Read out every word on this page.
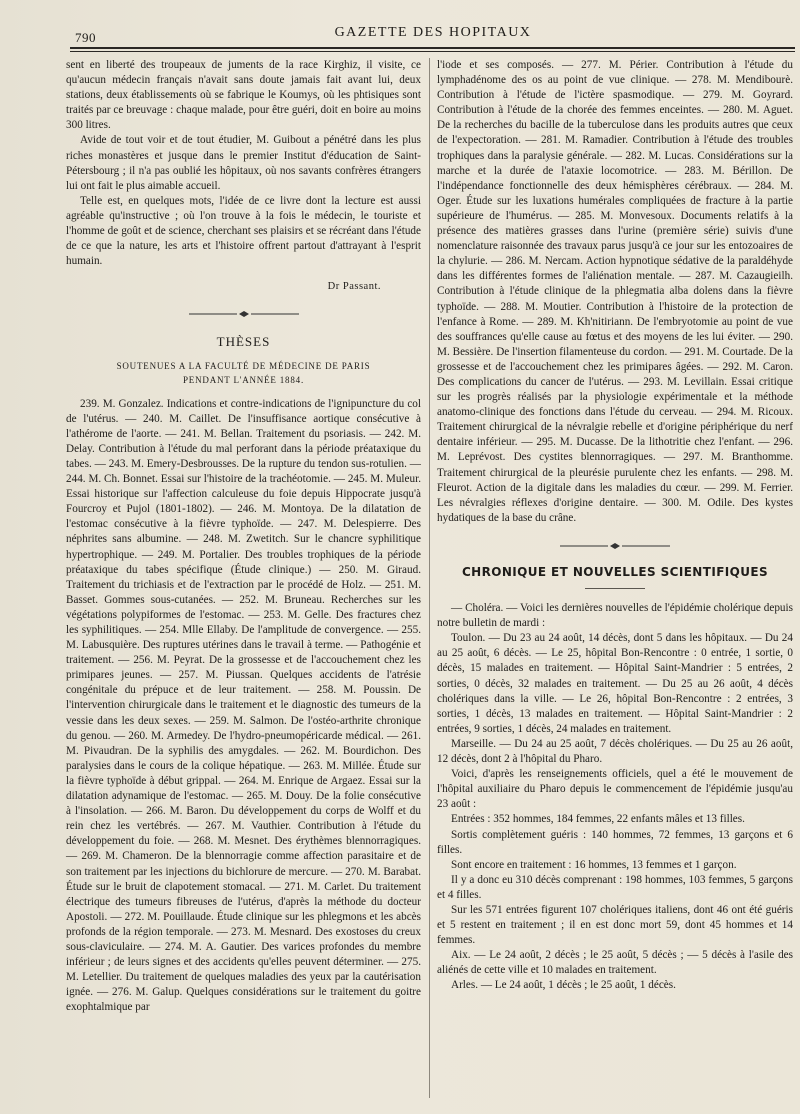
790	GAZETTE DES HOPITAUX

sent en liberté des troupeaux de juments de la race Kirghiz, il visite, ce qu'aucun médecin français n'avait sans doute jamais fait avant lui, deux stations, deux établissements où se fabrique le Koumys, où les phtisiques sont traités par ce breuvage : chaque malade, pour être guéri, doit en boire au moins 300 litres.

Avide de tout voir et de tout étudier, M. Guibout a pénétré dans les plus riches monastères et jusque dans le premier Institut d'éducation de Saint-Pétersbourg ; il n'a pas oublié les hôpitaux, où nos savants confrères étrangers lui ont fait le plus aimable accueil.

Telle est, en quelques mots, l'idée de ce livre dont la lecture est aussi agréable qu'instructive ; où l'on trouve à la fois le médecin, le touriste et l'homme de goût et de science, cherchant ses plaisirs et se récréant dans l'étude de ce que la nature, les arts et l'histoire offrent partout d'attrayant à l'esprit humain.

Dr Passant.
THÈSES
SOUTENUES A LA FACULTÉ DE MÉDECINE DE PARIS
PENDANT L'ANNÉE 1884.

239. M. Gonzalez. Indications et contre-indications de l'ignipuncture du col de l'utérus. — 240. M. Caillet. De l'insuffisance aortique consécutive à l'athérome de l'aorte. — 241. M. Bellan. Traitement du psoriasis. — 242. M. Delay. Contribution à l'étude du mal perforant dans la période préataxique du tabes. — 243. M. Emery-Desbrousses. De la rupture du tendon sus-rotulien. — 244. M. Ch. Bonnet. Essai sur l'histoire de la trachéotomie. — 245. M. Muleur. Essai historique sur l'affection calculeuse du foie depuis Hippocrate jusqu'à Fourcroy et Pujol (1801-1802). — 246. M. Montoya. De la dilatation de l'estomac consécutive à la fièvre typhoïde. — 247. M. Delespierre. Des néphrites sans albumine. — 248. M. Zwetitch. Sur le chancre syphilitique hypertrophique. — 249. M. Portalier. Des troubles trophiques de la période préataxique du tabes spécifique (Étude clinique.) — 250. M. Giraud. Traitement du trichiasis et de l'extraction par le procédé de Holz. — 251. M. Basset. Gommes sous-cutanées. — 252. M. Bruneau. Recherches sur les végétations polypiformes de l'estomac. — 253. M. Gelle. Des fractures chez les syphilitiques. — 254. Mlle Ellaby. De l'amplitude de convergence. — 255. M. Labusquière. Des ruptures utérines dans le travail à terme. — Pathogénie et traitement. — 256. M. Peyrat. De la grossesse et de l'accouchement chez les primipares jeunes. — 257. M. Piussan. Quelques accidents de l'atrésie congénitale du prépuce et de leur traitement. — 258. M. Poussin. De l'intervention chirurgicale dans le traitement et le diagnostic des tumeurs de la vessie dans les deux sexes. — 259. M. Salmon. De l'ostéo-arthrite chronique du genou. — 260. M. Armedey. De l'hydro-pneumopéricarde médical. — 261. M. Pivaudran. De la syphilis des amygdales. — 262. M. Bourdichon. Des paralysies dans le cours de la colique hépatique. — 263. M. Millée. Étude sur la fièvre typhoïde à début grippal. — 264. M. Enrique de Argaez. Essai sur la dilatation adynamique de l'estomac. — 265. M. Douy. De la folie consécutive à l'insolation. — 266. M. Baron. Du développement du corps de Wolff et du rein chez les vertébrés. — 267. M. Vauthier. Contribution à l'étude du développement du foie. — 268. M. Mesnet. Des érythèmes blennorragiques. — 269. M. Chameron. De la blennorragie comme affection parasitaire et de son traitement par les injections du bichlorure de mercure. — 270. M. Barabat. Étude sur le bruit de clapotement stomacal. — 271. M. Carlet. Du traitement électrique des tumeurs fibreuses de l'utérus, d'après la méthode du docteur Apostoli. — 272. M. Pouillaude. Étude clinique sur les phlegmons et les abcès profonds de la région temporale. — 273. M. Mesnard. Des exostoses du creux sous-claviculaire. — 274. M. A. Gautier. Des varices profondes du membre inférieur ; de leurs signes et des accidents qu'elles peuvent déterminer. — 275. M. Letellier. Du traitement de quelques maladies des yeux par la cautérisation ignée. — 276. M. Galup. Quelques considérations sur le traitement du goitre exophtalmique par

l'iode et ses composés. — 277. M. Périer. Contribution à l'étude du lymphadénome des os au point de vue clinique. — 278. M. Mendibourè. Contribution à l'étude de l'ictère spasmodique. — 279. M. Goyrard. Contribution à l'étude de la chorée des femmes enceintes. — 280. M. Aguet. De la recherches du bacille de la tuberculose dans les produits autres que ceux de l'expectoration. — 281. M. Ramadier. Contribution à l'étude des troubles trophiques dans la paralysie générale. — 282. M. Lucas. Considérations sur la marche et la durée de l'ataxie locomotrice. — 283. M. Bérillon. De l'indépendance fonctionnelle des deux hémisphères cérébraux. — 284. M. Oger. Étude sur les luxations humérales compliquées de fracture à la partie supérieure de l'humérus. — 285. M. Monvesoux. Documents relatifs à la présence des matières grasses dans l'urine (première série) suivis d'une nomenclature raisonnée des travaux parus jusqu'à ce jour sur les entozoaires de la chylurie. — 286. M. Nercam. Action hypnotique sédative de la paraldéhyde dans les différentes formes de l'aliénation mentale. — 287. M. Cazaugieilh. Contribution à l'étude clinique de la phlegmatia alba dolens dans la fièvre typhoïde. — 288. M. Moutier. Contribution à l'histoire de la protection de l'enfance à Rome. — 289. M. Kh'nitiriann. De l'embryotomie au point de vue des souffrances qu'elle cause au fœtus et des moyens de les lui éviter. — 290. M. Bessière. De l'insertion filamenteuse du cordon. — 291. M. Courtade. De la grossesse et de l'accouchement chez les primipares âgées. — 292. M. Caron. Des complications du cancer de l'utérus. — 293. M. Levillain. Essai critique sur les progrès réalisés par la physiologie expérimentale et la méthode anatomo-clinique des fonctions dans l'étude du cerveau. — 294. M. Ricoux. Traitement chirurgical de la névralgie rebelle et d'origine périphérique du nerf dentaire inférieur. — 295. M. Ducasse. De la lithotritie chez l'enfant. — 296. M. Leprévost. Des cystites blennorragiques. — 297. M. Branthomme. Traitement chirurgical de la pleurésie purulente chez les enfants. — 298. M. Fleurot. Action de la digitale dans les maladies du cœur. — 299. M. Ferrier. Les névralgies réflexes d'origine dentaire. — 300. M. Odile. Des kystes hydatiques de la base du crâne.

CHRONIQUE ET NOUVELLES SCIENTIFIQUES

— Choléra. — Voici les dernières nouvelles de l'épidémie cholérique depuis notre bulletin de mardi :

Toulon. — Du 23 au 24 août, 14 décès, dont 5 dans les hôpitaux. — Du 24 au 25 août, 6 décès. — Le 25, hôpital Bon-Rencontre : 0 entrée, 1 sortie, 0 décès, 15 malades en traitement. — Hôpital Saint-Mandrier : 5 entrées, 2 sorties, 0 décès, 32 malades en traitement. — Du 25 au 26 août, 4 décès cholériques dans la ville. — Le 26, hôpital Bon-Rencontre : 2 entrées, 3 sorties, 1 décès, 13 malades en traitement. — Hôpital Saint-Mandrier : 2 entrées, 9 sorties, 1 décès, 24 malades en traitement.

Marseille. — Du 24 au 25 août, 7 décès cholériques. — Du 25 au 26 août, 12 décès, dont 2 à l'hôpital du Pharo.

Voici, d'après les renseignements officiels, quel a été le mouvement de l'hôpital auxiliaire du Pharo depuis le commencement de l'épidémie jusqu'au 23 août :

Entrées : 352 hommes, 184 femmes, 22 enfants mâles et 13 filles.

Sortis complètement guéris : 140 hommes, 72 femmes, 13 garçons et 6 filles.

Sont encore en traitement : 16 hommes, 13 femmes et 1 garçon.

Il y a donc eu 310 décès comprenant : 198 hommes, 103 femmes, 5 garçons et 4 filles.

Sur les 571 entrées figurent 107 cholériques italiens, dont 46 ont été guéris et 5 restent en traitement ; il en est donc mort 59, dont 45 hommes et 14 femmes.

Aix. — Le 24 août, 2 décès ; le 25 août, 5 décès ; — 5 décès à l'asile des aliénés de cette ville et 10 malades en traitement.

Arles. — Le 24 août, 1 décès ; le 25 août, 1 décès.
